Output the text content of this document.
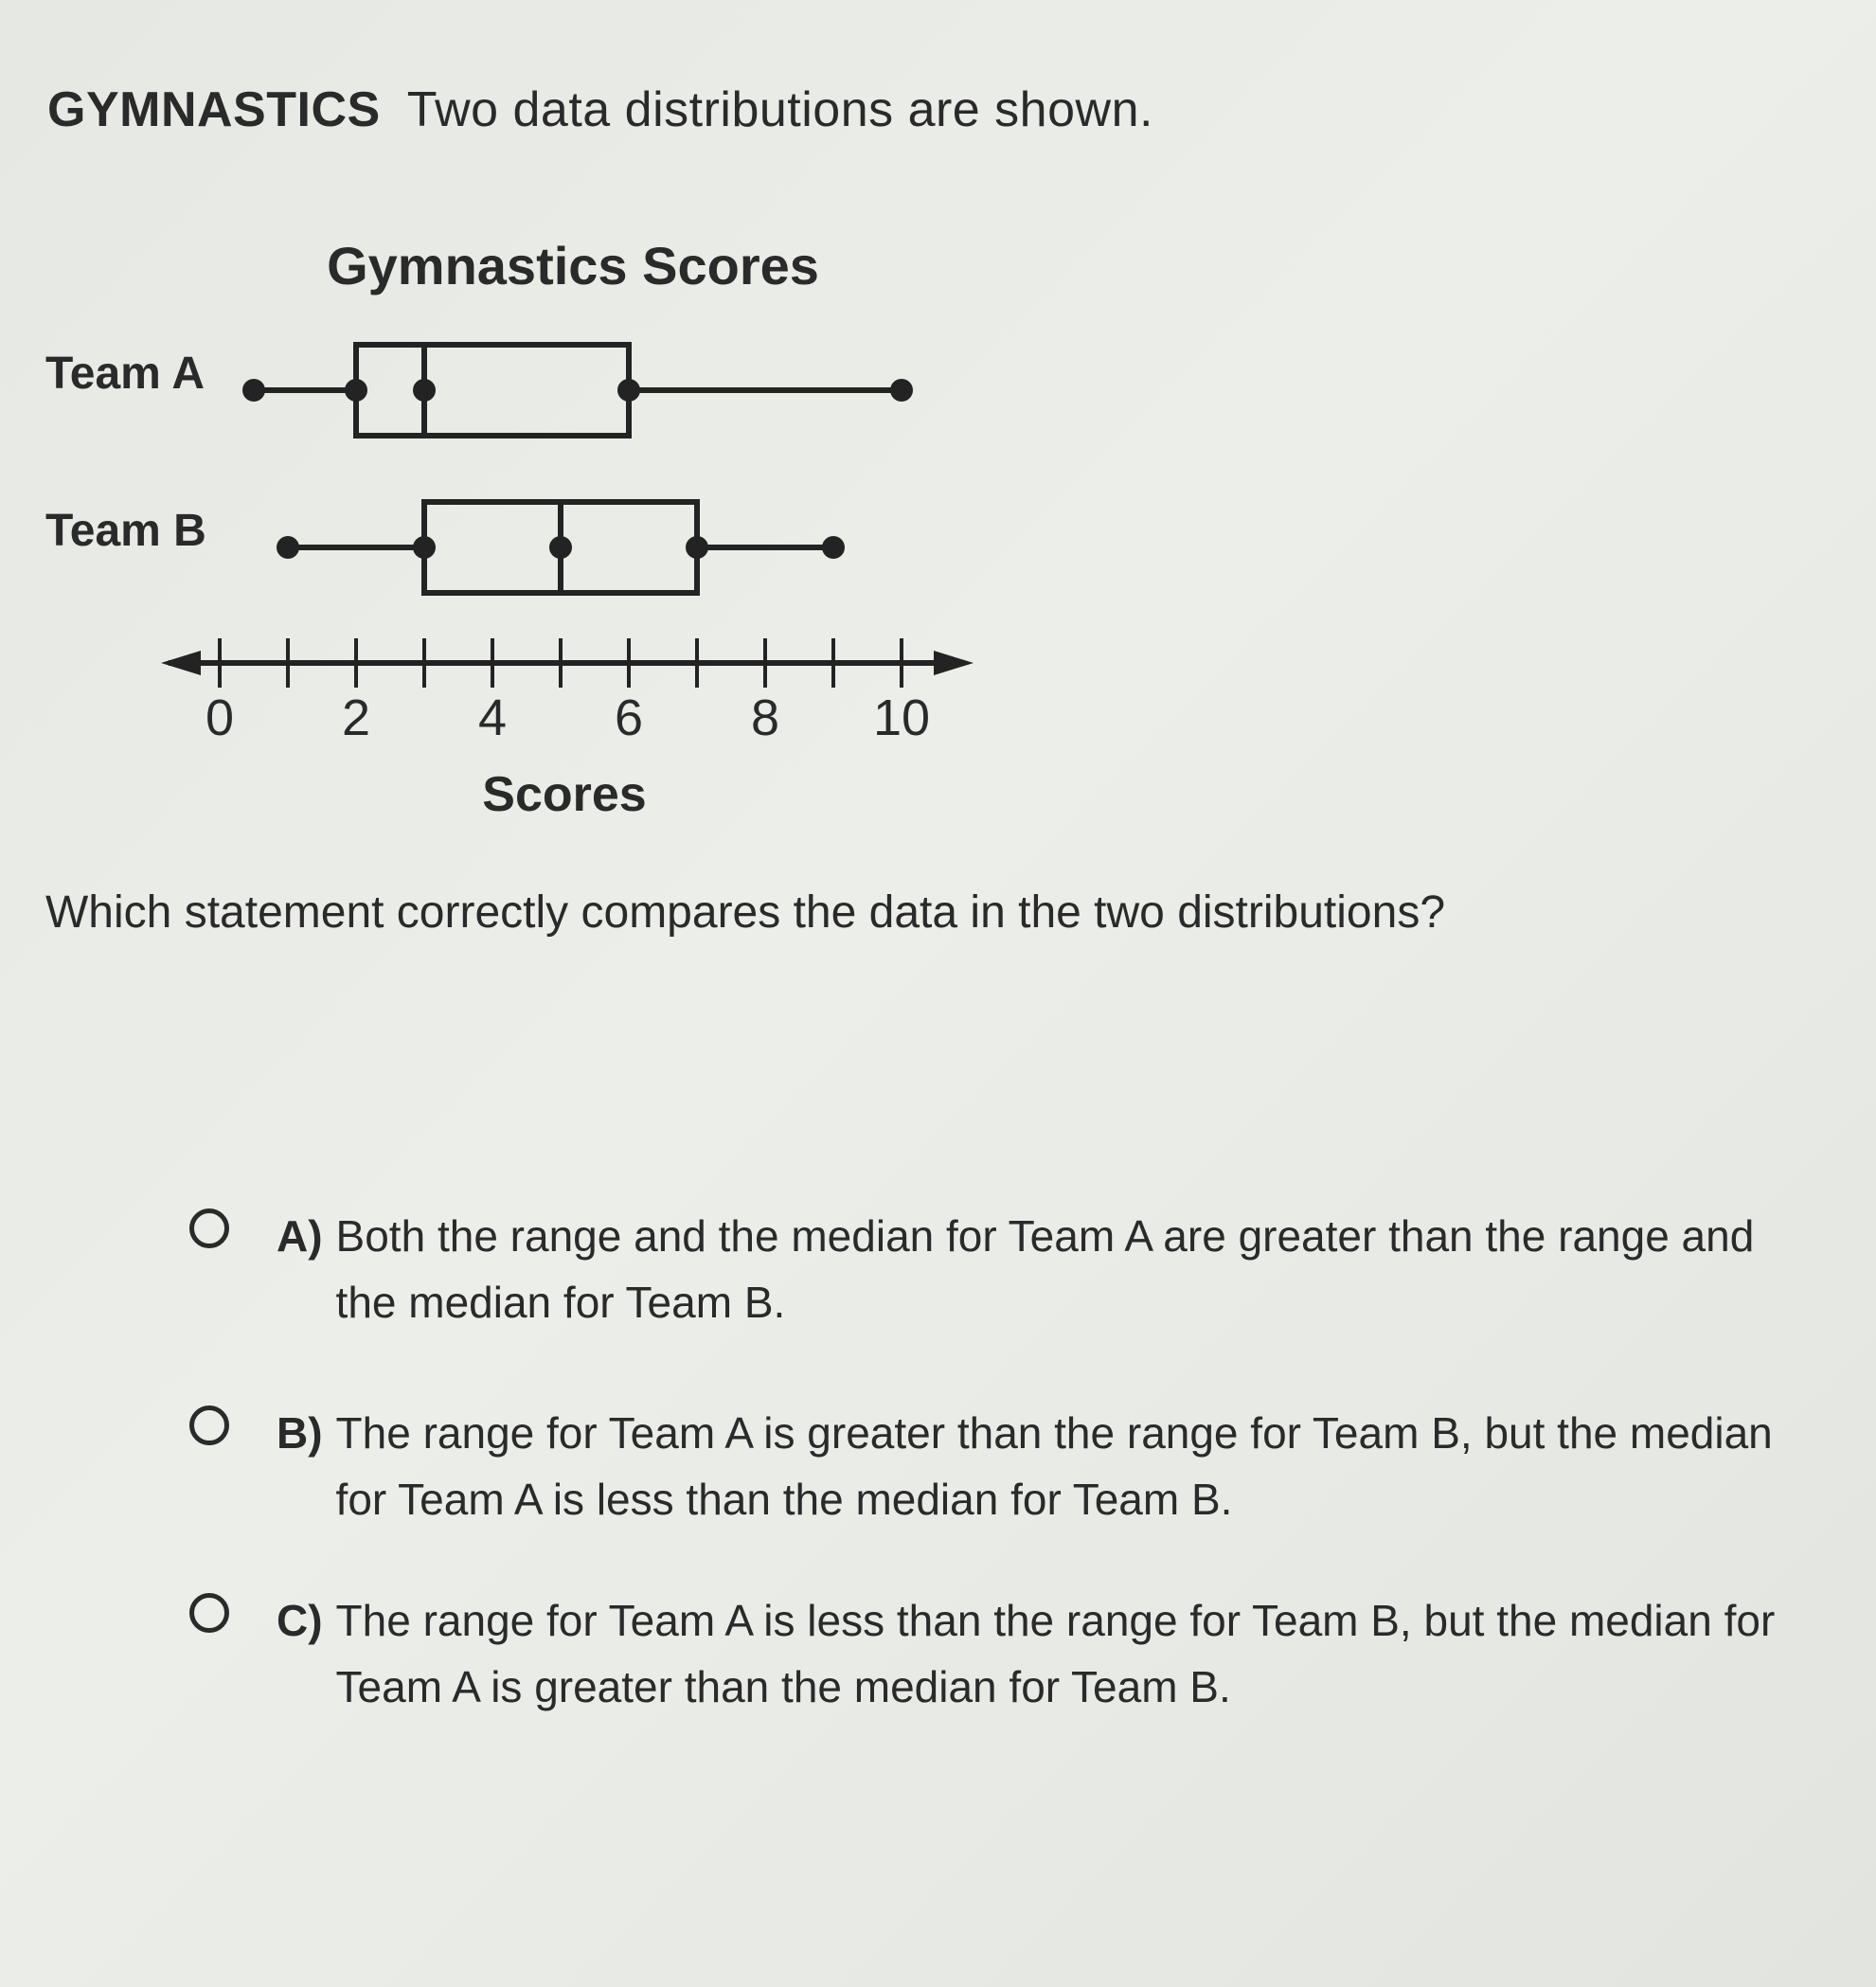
GYMNASTICS Two data distributions are shown.
Gymnastics Scores
Scores
0 2 4 6 8 10
Team A
Team B
Which statement correctly compares the data in the two distributions?
A) Both the range and the median for Team A are greater than the range and the median for Team B.
B) The range for Team A is greater than the range for Team B, but the median for Team A is less than the median for Team B.
C) The range for Team A is less than the range for Team B, but the median for Team A is greater than the median for Team B.
